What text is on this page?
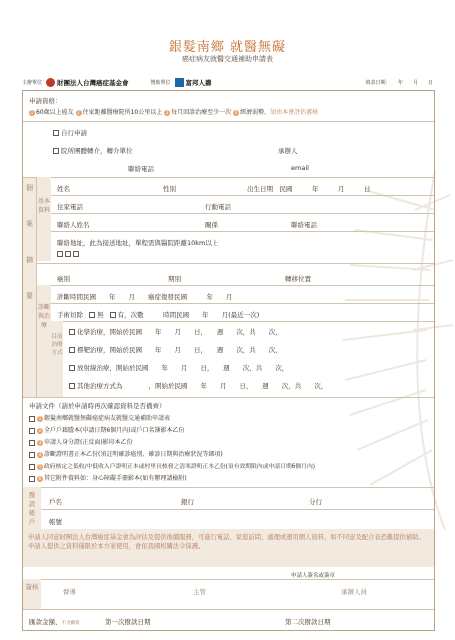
銀髮南鄉 就醫無礙
癌症病友就醫交通補助申請表
主辦單位 財團法人台灣癌症基金會	贊助單位 富邦人壽	填表日期：　　年　　月　　日
申請資格：
1 60歲以上癌友 2 住家距離醫療院所10公里以上 3 每月回診治療至少一次 4 經濟弱勢，須由本會評估審核
自行申請
院所團體轉介，轉介單位	承辦人
聯絡電話	email
個
案
摘
要
基本資料
姓名	性別	出生日期　民國　　　年　　　月　　　日
住家電話	行動電話
聯絡人姓名	關係	聯絡電話
聯絡地址，此為接送地址，單程需與醫院距離10km以上
癌別	期別	轉移位置
診斷與治療
診斷時間民國　　年　　月　　癌症復發民國　　　年　　月
手術切除 無 有，次數　　　時間民國　　年　　月(最近一次)
目前治療方式
化學治療，開始於民國　　年　　月　　日，　　週　　次，共　　次，
標靶治療，開始於民國　　年　　月　　日，　　週　　次，共　　次，
放射線治療，開始於民國　　年　　月　　日，　　週　　次，共　　次，
其他治療方式為　　　　，開始於民國　　年　　月　　日，　　週　　次，共　　次，
申請文件（請於申請時再次確認資料是否備齊）
1 銀髮南鄉就醫無礙癌症病友就醫交通補助申請表
2 全戶戶籍謄本(申請日期6個月內)或戶口名簿影本乙份
3 申請人身分證(正反面)影印本乙份
4 診斷證明書正本乙份(須註明確診癌別、確診日期與治療狀況等細項)
5 政府核定之低收/中低收入戶證明正本或村里長核發之清寒證明正本乙份(須有效期限內或申請日期6個月內)
6 其它附件資料如：身心障礙手冊影本(如有辦理請檢附)
撥款帳戶
戶名	銀行	分行
帳號
申請人同意財團法人台灣癌症基金會為評估及提供後續服務，可進行電話、家庭訪問、處理或運用個人資料，如不同意及配合表恐難提供補助。申請人提供之資料僅限於本方案使用，會依我國相關法令保護。
申請人簽名或簽章
簽核
督導	主管	承辦人員
匯款金額、不含郵資	第一次撥款日期	第二次撥款日期
